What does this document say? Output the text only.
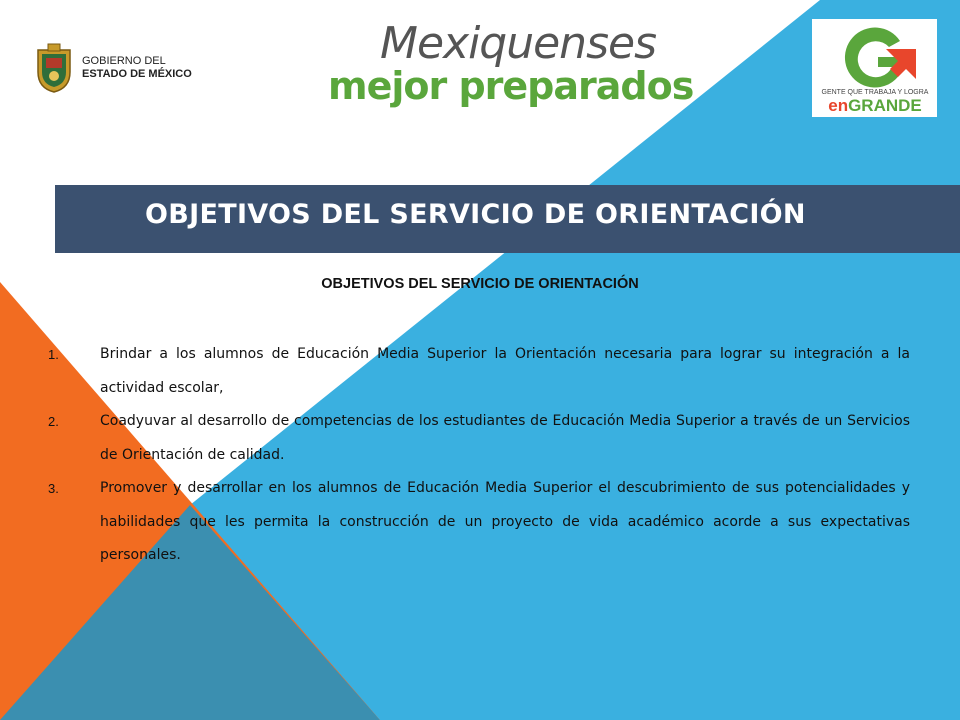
GOBIERNO DEL
ESTADO DE MÉXICO
Mexiquenses
mejor preparados	GENTE QUE TRABAJA Y LOGRA
enGRANDE
OBJETIVOS DEL SERVICIO DE ORIENTACIÓN
OBJETIVOS DEL SERVICIO DE ORIENTACIÓN

1.	Brindar a los alumnos de Educación Media Superior la Orientación necesaria para lograr su integración a la actividad escolar,

2.	Coadyuvar al desarrollo de competencias de los estudiantes de Educación Media Superior a través de un Servicios de Orientación de calidad.

3.	Promover y desarrollar en los alumnos de Educación Media Superior el descubrimiento de sus potencialidades y habilidades que les permita la construcción de un proyecto de vida académico acorde a sus expectativas personales.
